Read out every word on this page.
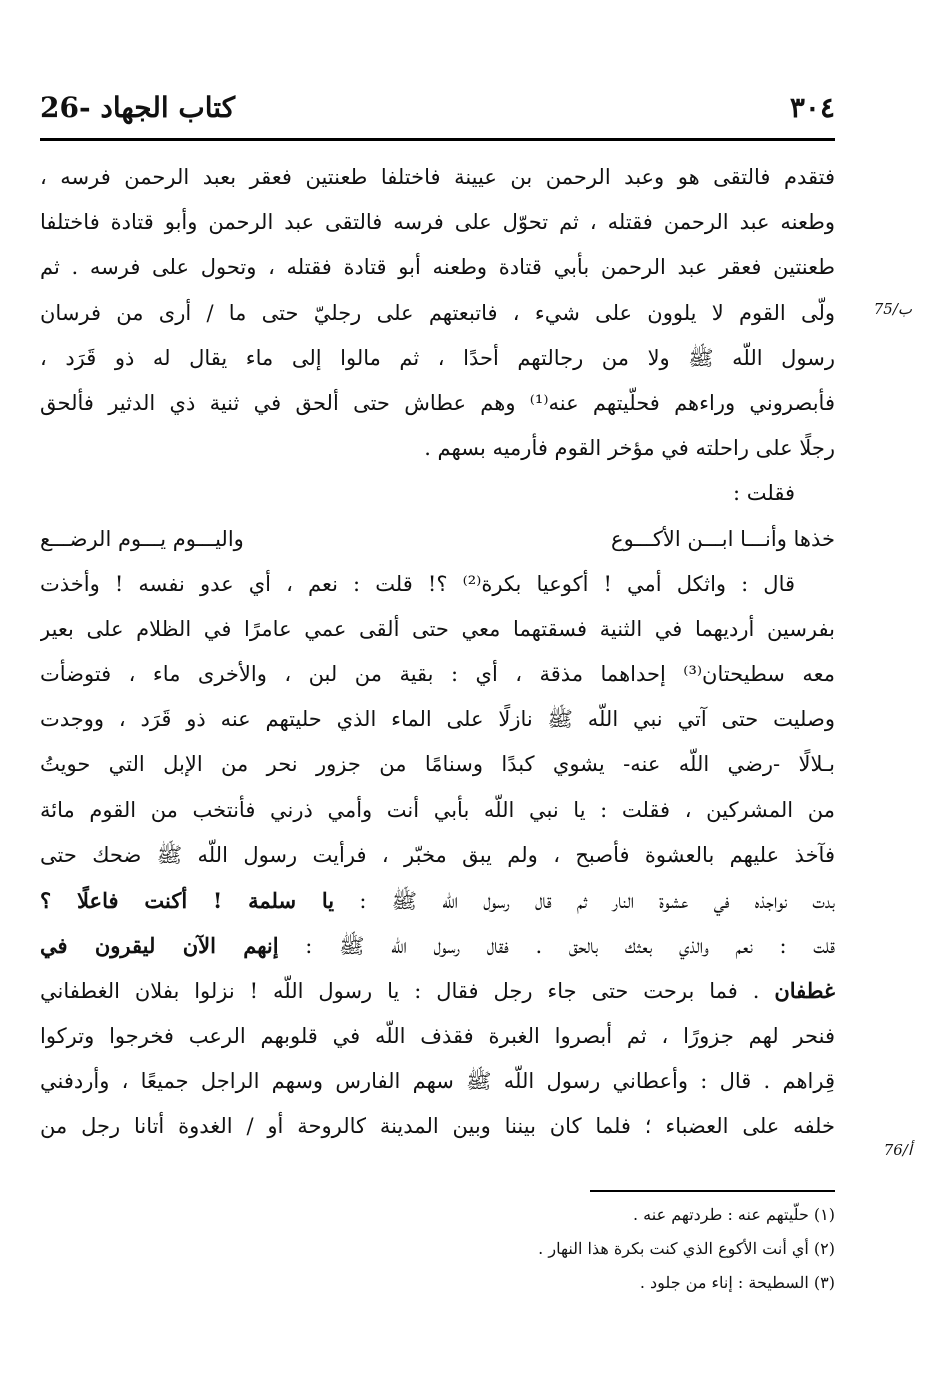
26- كتاب الجهاد	٣٠٤
75/ب
76/أ
فتقدم فالتقى هو وعبد الرحمن بن عيينة فاختلفا طعنتين فعقر بعبد الرحمن فرسه ،
وطعنه عبد الرحمن فقتله ، ثم تحوّل على فرسه فالتقى عبد الرحمن وأبو قتادة فاختلفا
طعنتين فعقر عبد الرحمن بأبي قتادة وطعنه أبو قتادة فقتله ، وتحول على فرسه . ثم
ولّى القوم لا يلوون على شيء ، فاتبعتهم على رجليّ حتى ما / أرى من فرسان
رسول اللّه ﷺ ولا من رجالتهم أحدًا ، ثم مالوا إلى ماء يقال له ذو قَرَد ،
فأبصروني وراءهم فحلّيتهم عنه⁽¹⁾ وهم عطاش حتى ألحق في ثنية ذي الدثير فألحق
رجلًا على راحلته في مؤخر القوم فأرميه بسهم .
فقلت :
خذها وأنـــا ابـــن الأكـــوع
واليـــوم يـــوم الرضـــع
قال : واثكل أمي ! أكوعيا بكرة⁽²⁾ ؟! قلت : نعم ، أي عدو نفسه ! وأخذت
بفرسين أرديهما في الثنية فسقتهما معي حتى ألقى عمي عامرًا في الظلام على بعير
معه سطيحتان⁽³⁾ إحداهما مذقة ، أي : بقية من لبن ، والأخرى ماء ، فتوضأت
وصليت حتى آتي نبي اللّه ﷺ نازلًا على الماء الذي حليتهم عنه ذو قَرَد ، ووجدت
بـلالًا -رضي اللّه عنه- يشوي كبدًا وسنامًا من جزور نحر من الإبل التي حويتُ
من المشركين ، فقلت : يا نبي اللّه بأبي أنت وأمي ذرني فأنتخب من القوم مائة
فآخذ عليهم بالعشوة فأصبح ، ولم يبق مخبّر ، فرأيت رسول اللّه ﷺ ضحك حتى
بدت نواجذه في عشوة النار ثم قال رسول اللّه ﷺ : يا سلمة ! أكنت فاعلًا ؟
قلت : نعم والذي بعثك بالحق . فقال رسول اللّه ﷺ : إنهم الآن ليقرون في
غطفان . فما برحت حتى جاء رجل فقال : يا رسول اللّه ! نزلوا بفلان الغطفاني
فنحر لهم جزورًا ، ثم أبصروا الغبرة فقذف اللّه في قلوبهم الرعب فخرجوا وتركوا
قِراهم . قال : وأعطاني رسول اللّه ﷺ سهم الفارس وسهم الراجل جميعًا ، وأردفني
خلفه على العضباء ؛ فلما كان بيننا وبين المدينة كالروحة أو / الغدوة أتانا رجل من
(١) حلّيتهم عنه : طردتهم عنه .
(٢) أي أنت الأكوع الذي كنت بكرة هذا النهار .
(٣) السطيحة : إناء من جلود .
